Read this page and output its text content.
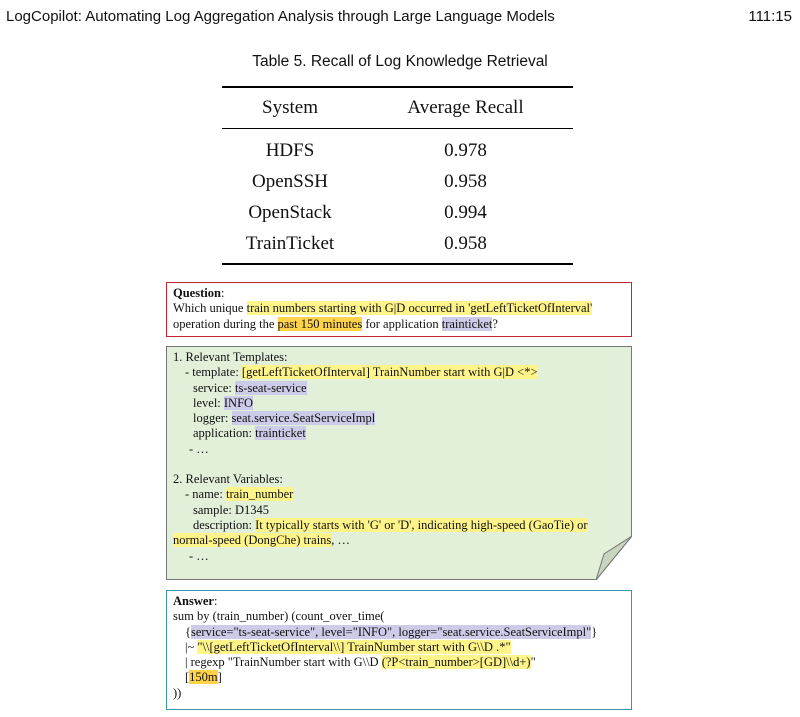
LogCopilot: Automating Log Aggregation Analysis through Large Language Models	111:15
Table 5. Recall of Log Knowledge Retrieval
System	Average Recall
HDFS	0.978
OpenSSH	0.958
OpenStack	0.994
TrainTicket	0.958
Question:
Which unique train numbers starting with G|D occurred in 'getLeftTicketOfInterval'
operation during the past 150 minutes for application trainticket?
1. Relevant Templates:
- template: [getLeftTicketOfInterval] TrainNumber start with G|D <*>
service: ts-seat-service
level: INFO
logger: seat.service.SeatServiceImpl
application: trainticket
- …
2. Relevant Variables:
- name: train_number
sample: D1345
description: It typically starts with 'G' or 'D', indicating high-speed (GaoTie) or
normal-speed (DongChe) trains, …
- …
Answer:
sum by (train_number) (count_over_time(
{service="ts-seat-service", level="INFO", logger="seat.service.SeatServiceImpl"}
|~ "\\[getLeftTicketOfInterval\\] TrainNumber start with G\\D .*"
| regexp "TrainNumber start with G\\D (?P<train_number>[GD]\\d+)"
[150m]
))
